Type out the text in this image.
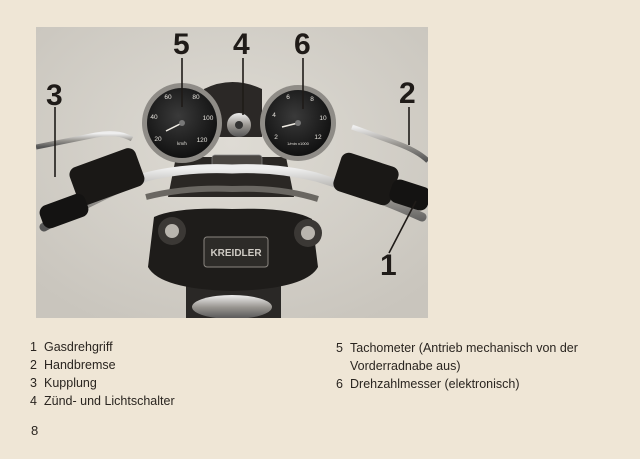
KREIDLER
20
40
60	80
100
120
km/h
2
4
6	8
10
12
1/min x1000
5 4 6
3	2
1
1 Gasdrehgriff
2 Handbremse
3 Kupplung
4 Zünd- und Lichtschalter
5 Tachometer (Antrieb mechanisch von der Vorderradnabe aus)
6 Drehzahlmesser (elektronisch)
8
